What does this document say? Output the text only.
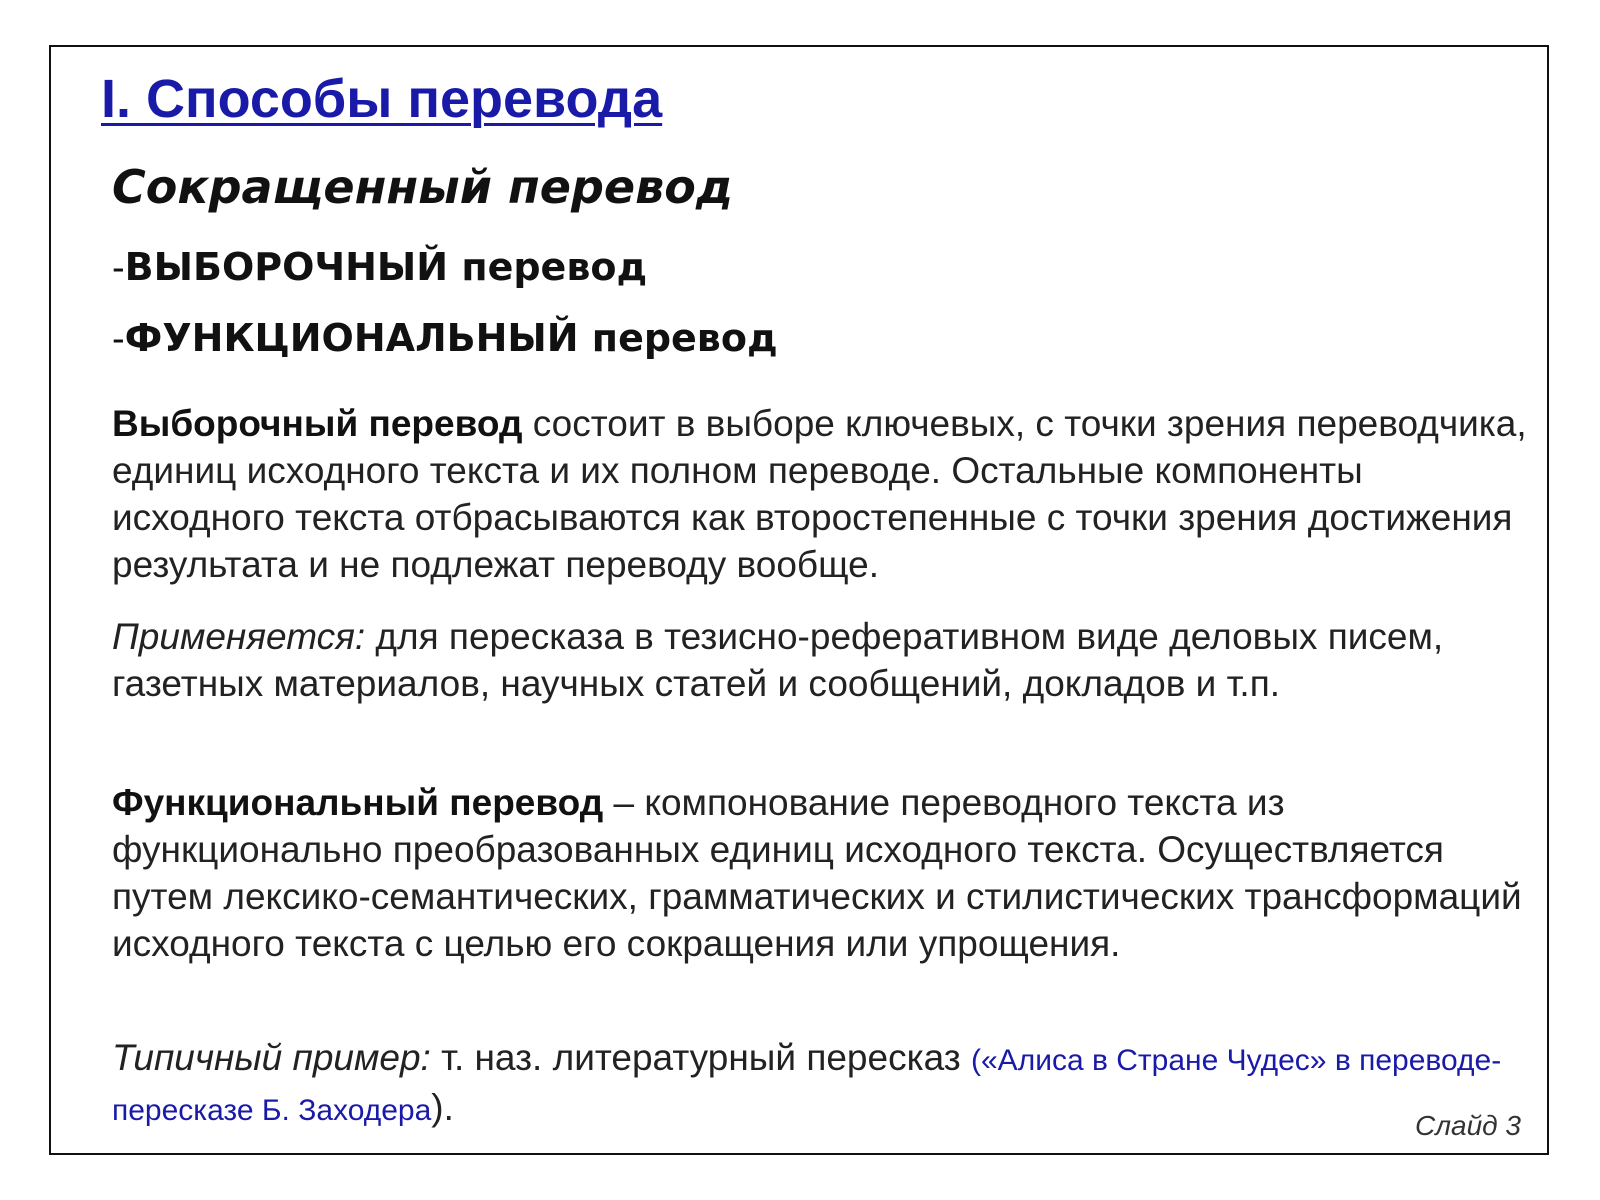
I. Способы перевода
Сокращенный перевод

-ВЫБОРОЧНЫЙ перевод

-ФУНКЦИОНАЛЬНЫЙ перевод

Выборочный перевод состоит в выборе ключевых, с точки зрения переводчика, единиц исходного текста и их полном переводе. Остальные компоненты исходного текста отбрасываются как второстепенные с точки зрения достижения результата и не подлежат переводу вообще.

Применяется: для пересказа в тезисно-реферативном виде деловых писем, газетных материалов, научных статей и сообщений, докладов и т.п.

Функциональный перевод – компонование переводного текста из функционально преобразованных единиц исходного текста. Осуществляется путем лексико-семантических, грамматических и стилистических трансформаций исходного текста с целью его сокращения или упрощения.

Типичный пример: т. наз. литературный пересказ («Алиса в Стране Чудес» в переводе-пересказе Б. Заходера).	Слайд 3
